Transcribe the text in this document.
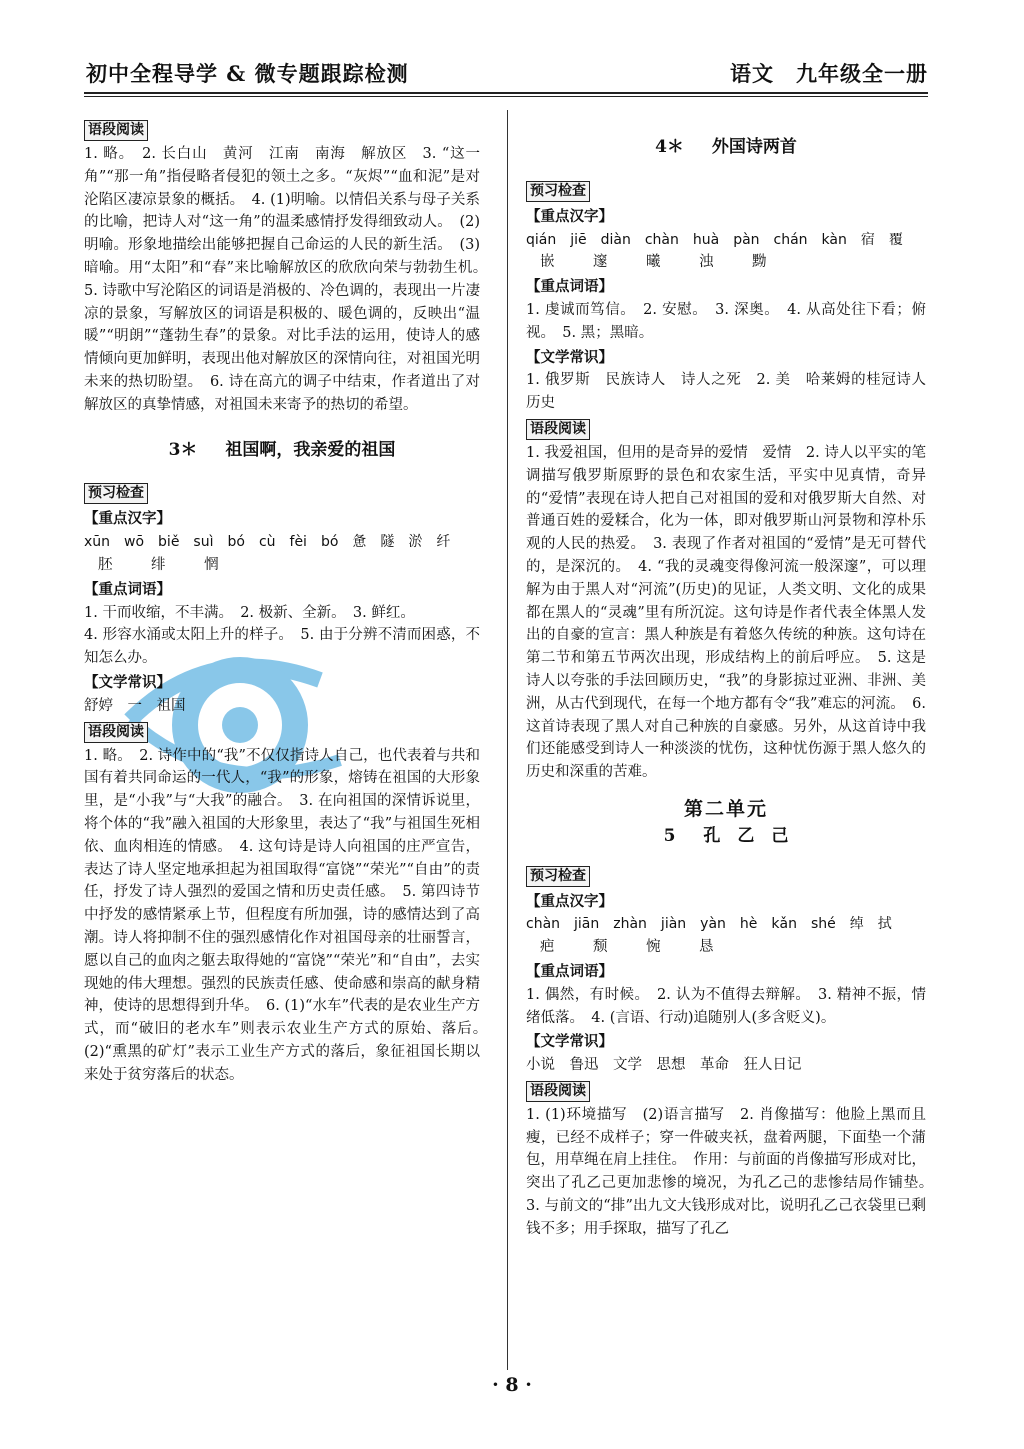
初中全程导学 & 微专题跟踪检测	语文　九年级全一册
语段阅读

1. 略。　2. 长白山　黄河　江南　南海　解放区　3. “这一角”“那一角”指侵略者侵犯的领土之多。“灰烬”“血和泥”是对沦陷区凄凉景象的概括。　4. (1)明喻。以情侣关系与母子关系的比喻，把诗人对“这一角”的温柔感情抒发得细致动人。　(2)明喻。形象地描绘出能够把握自己命运的人民的新生活。　(3)暗喻。用“太阳”和“春”来比喻解放区的欣欣向荣与勃勃生机。　5. 诗歌中写沦陷区的词语是消极的、冷色调的，表现出一片凄凉的景象，写解放区的词语是积极的、暖色调的，反映出“温暖”“明朗”“蓬勃生春”的景象。对比手法的运用，使诗人的感情倾向更加鲜明，表现出他对解放区的深情向往，对祖国光明未来的热切盼望。　6. 诗在高亢的调子中结束，作者道出了对解放区的真挚情感，对祖国未来寄予的热切的希望。

3＊ 祖国啊，我亲爱的祖国
预习检查
【重点汉字】

xūn　wō　biě　suì　bó　cù　fèi　bó　惫　隧　淤　纤

胚　绯　惘

【重点词语】

1. 干而收缩，不丰满。　2. 极新、全新。　3. 鲜红。

4. 形容水涌或太阳上升的样子。　5. 由于分辨不清而困惑，不知怎么办。

【文学常识】

舒婷　一　祖国

语段阅读

1. 略。　2. 诗作中的“我”不仅仅指诗人自己，也代表着与共和国有着共同命运的一代人，“我”的形象，熔铸在祖国的大形象里，是“小我”与“大我”的融合。　3. 在向祖国的深情诉说里，将个体的“我”融入祖国的大形象里，表达了“我”与祖国生死相依、血肉相连的情感。　4. 这句诗是诗人向祖国的庄严宣告，表达了诗人坚定地承担起为祖国取得“富饶”“荣光”“自由”的责任，抒发了诗人强烈的爱国之情和历史责任感。　5. 第四诗节中抒发的感情紧承上节，但程度有所加强，诗的感情达到了高潮。诗人将抑制不住的强烈感情化作对祖国母亲的壮丽誓言，愿以自己的血肉之躯去取得她的“富饶”“荣光”和“自由”，去实现她的伟大理想。强烈的民族责任感、使命感和崇高的献身精神，使诗的思想得到升华。　6. (1)“水车”代表的是农业生产方式，而“破旧的老水车”则表示农业生产方式的原始、落后。　(2)“熏黑的矿灯”表示工业生产方式的落后，象征祖国长期以来处于贫穷落后的状态。

4＊ 外国诗两首
预习检查
【重点汉字】

qián　jiē　diàn　chàn　huà　pàn　chán　kàn　宿　覆

嵌　邃　曦　浊　黝

【重点词语】

1. 虔诚而笃信。　2. 安慰。　3. 深奥。　4. 从高处往下看；俯视。　5. 黑；黑暗。

【文学常识】

1. 俄罗斯　民族诗人　诗人之死　2. 美　哈莱姆的桂冠诗人　历史

语段阅读

1. 我爱祖国，但用的是奇异的爱情　爱情　2. 诗人以平实的笔调描写俄罗斯原野的景色和农家生活，平实中见真情，奇异的“爱情”表现在诗人把自己对祖国的爱和对俄罗斯大自然、对普通百姓的爱糅合，化为一体，即对俄罗斯山河景物和淳朴乐观的人民的热爱。　3. 表现了作者对祖国的“爱情”是无可替代的，是深沉的。　4. “我的灵魂变得像河流一般深邃”，可以理解为由于黑人对“河流”(历史)的见证，人类文明、文化的成果都在黑人的“灵魂”里有所沉淀。这句诗是作者代表全体黑人发出的自豪的宣言：黑人种族是有着悠久传统的种族。这句诗在第二节和第五节两次出现，形成结构上的前后呼应。　5. 这是诗人以夸张的手法回顾历史，“我”的身影掠过亚洲、非洲、美洲，从古代到现代，在每一个地方都有令“我”难忘的河流。　6. 这首诗表现了黑人对自己种族的自豪感。另外，从这首诗中我们还能感受到诗人一种淡淡的忧伤，这种忧伤源于黑人悠久的历史和深重的苦难。

第二单元
5 孔　乙　己
预习检查
【重点汉字】

chàn　jiān　zhàn　jiàn　yàn　hè　kǎn　shé　绰　拭

疤　颓　惋　恳

【重点词语】

1. 偶然，有时候。　2. 认为不值得去辩解。　3. 精神不振，情绪低落。　4. (言语、行动)追随别人(多含贬义)。

【文学常识】

小说　鲁迅　文学　思想　革命　狂人日记

语段阅读

1. (1)环境描写　(2)语言描写　2. 肖像描写：他脸上黑而且瘦，已经不成样子；穿一件破夹袄，盘着两腿，下面垫一个蒲包，用草绳在肩上挂住。　作用：与前面的肖像描写形成对比，突出了孔乙己更加悲惨的境况，为孔乙己的悲惨结局作铺垫。　3. 与前文的“排”出九文大钱形成对比，说明孔乙己衣袋里已剩钱不多；用手探取，描写了孔乙

· 8 ·
